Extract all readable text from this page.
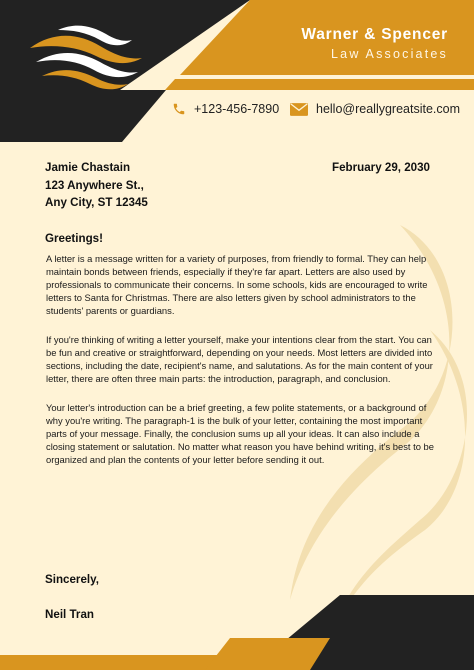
Warner & Spencer
Law Associates
+123-456-7890	hello@reallygreatsite.com
Jamie Chastain
123 Anywhere St.,
Any City, ST 12345
February 29, 2030
Greetings!

A letter is a message written for a variety of purposes, from friendly to formal. They can help maintain bonds between friends, especially if they're far apart. Letters are also used by professionals to communicate their concerns. In some schools, kids are encouraged to write letters to Santa for Christmas. There are also letters given by school administrators to the students' parents or guardians.

If you're thinking of writing a letter yourself, make your intentions clear from the start. You can be fun and creative or straightforward, depending on your needs. Most letters are divided into sections, including the date, recipient's name, and salutations. As for the main content of your letter, there are often three main parts: the introduction, paragraph, and conclusion.

Your letter's introduction can be a brief greeting, a few polite statements, or a background of why you're writing. The paragraph-1 is the bulk of your letter, containing the most important parts of your message. Finally, the conclusion sums up all your ideas. It can also include a closing statement or salutation. No matter what reason you have behind writing, it's best to be organized and plan the contents of your letter before sending it out.

Sincerely,
Neil Tran
